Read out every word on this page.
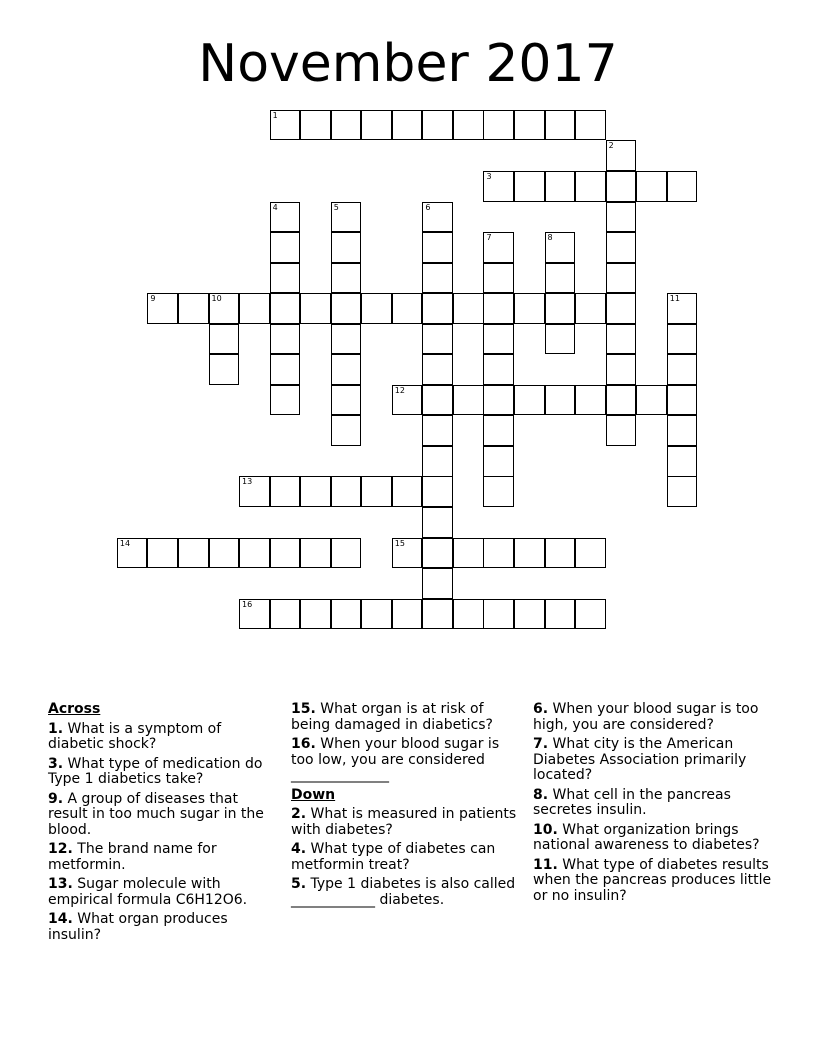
November 2017
1
3
9	10
12
13
14	15
16
2
4	5	6
7	8
11

Across

1. What is a symptom of diabetic shock?

3. What type of medication do Type 1 diabetics take?

9. A group of diseases that result in too much sugar in the blood.

12. The brand name for metformin.

13. Sugar molecule with empirical formula C6H12O6.

14. What organ produces insulin?

15. What organ is at risk of being damaged in diabetics?

16. When your blood sugar is too low, you are considered ______________

Down

2. What is measured in patients with diabetes?

4. What type of diabetes can metformin treat?

5. Type 1 diabetes is also called ____________ diabetes.

6. When your blood sugar is too high, you are considered?

7. What city is the American Diabetes Association primarily located?

8. What cell in the pancreas secretes insulin.

10. What organization brings national awareness to diabetes?

11. What type of diabetes results when the pancreas produces little or no insulin?
